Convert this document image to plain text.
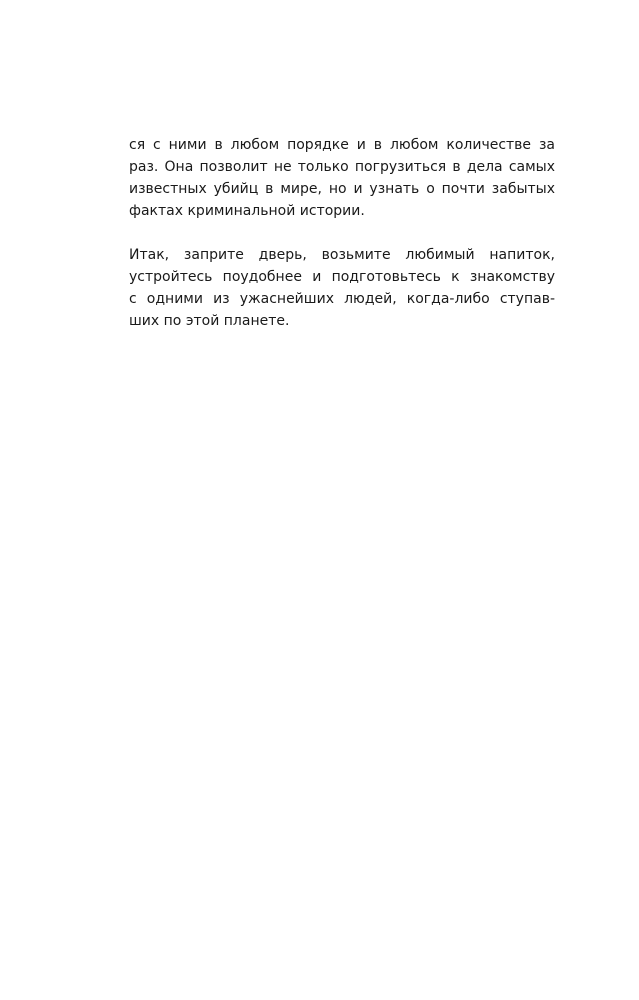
ся с ними в любом порядке и в любом количестве за
раз. Она позволит не только погрузиться в дела самых
известных убийц в мире, но и узнать о почти забытых
фактах криминальной истории.

Итак, заприте дверь, возьмите любимый напиток,
устройтесь поудобнее и подготовьтесь к знакомству
с одними из ужаснейших людей, когда-либо ступав-
ших по этой планете.
